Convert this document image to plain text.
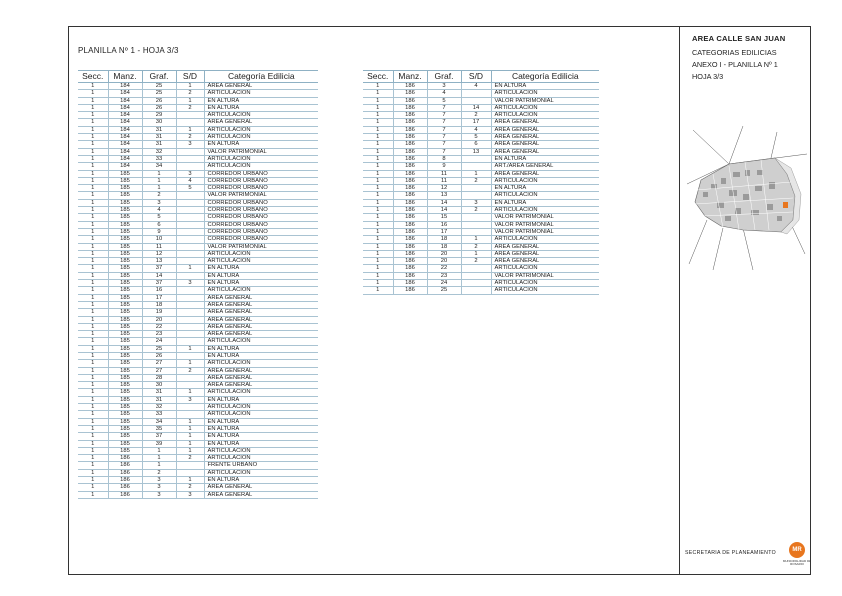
PLANILLA Nº 1 - HOJA 3/3
Secc.	Manz.	Graf.	S/D	Categoría Edilicia
1	184	25	1	AREA GENERAL
1	184	25	2	ARTICULACION
1	184	26	1	EN ALTURA
1	184	26	2	EN ALTURA
1	184	29		ARTICULACION
1	184	30		AREA GENERAL
1	184	31	1	ARTICULACION
1	184	31	2	ARTICULACION
1	184	31	3	EN ALTURA
1	184	32		VALOR PATRIMONIAL
1	184	33		ARTICULACION
1	184	34		ARTICULACION
1	185	1	3	CORREDOR URBANO
1	185	1	4	CORREDOR URBANO
1	185	1	5	CORREDOR URBANO
1	185	2		VALOR PATRIMONIAL
1	185	3		CORREDOR URBANO
1	185	4		CORREDOR URBANO
1	185	5		CORREDOR URBANO
1	185	6		CORREDOR URBANO
1	185	9		CORREDOR URBANO
1	185	10		CORREDOR URBANO
1	185	11		VALOR PATRIMONIAL
1	185	12		ARTICULACION
1	185	13		ARTICULACION
1	185	37	1	EN ALTURA
1	185	14		EN ALTURA
1	185	37	3	EN ALTURA
1	185	16		ARTICULACION
1	185	17		AREA GENERAL
1	185	18		AREA GENERAL
1	185	19		AREA GENERAL
1	185	20		AREA GENERAL
1	185	22		AREA GENERAL
1	185	23		AREA GENERAL
1	185	24		ARTICULACION
1	185	25	1	EN ALTURA
1	185	26		EN ALTURA
1	185	27	1	ARTICULACION
1	185	27	2	AREA GENERAL
1	185	28		AREA GENERAL
1	185	30		AREA GENERAL
1	185	31	1	ARTICULACION
1	185	31	3	EN ALTURA
1	185	32		ARTICULACION
1	185	33		ARTICULACION
1	185	34	1	EN ALTURA
1	185	35	1	EN ALTURA
1	185	37	1	EN ALTURA
1	185	39	1	EN ALTURA
1	185	1	1	ARTICULACION
1	186	1	2	ARTICULACION
1	186	1		FRENTE URBANO
1	186	2		ARTICULACION
1	186	3	1	EN ALTURA
1	186	3	2	AREA GENERAL
1	186	3	3	AREA GENERAL
Secc.	Manz.	Graf.	S/D	Categoría Edilicia
1	186	3	4	EN ALTURA
1	186	4		ARTICULACION
1	186	5		VALOR PATRIMONIAL
1	186	7	14	ARTICULACION
1	186	7	2	ARTICULACION
1	186	7	17	AREA GENERAL
1	186	7	4	AREA GENERAL
1	186	7	5	AREA GENERAL
1	186	7	6	AREA GENERAL
1	186	7	13	AREA GENERAL
1	186	8		EN ALTURA
1	186	9		ART./AREA GENERAL
1	186	11	1	AREA GENERAL
1	186	11	2	ARTICULACION
1	186	12		EN ALTURA
1	186	13		ARTICULACION
1	186	14	3	EN ALTURA
1	186	14	2	ARTICULACION
1	186	15		VALOR PATRIMONIAL
1	186	16		VALOR PATRIMONIAL
1	186	17		VALOR PATRIMONIAL
1	186	18	1	ARTICULACION
1	186	18	2	AREA GENERAL
1	186	20	1	AREA GENERAL
1	186	20	2	AREA GENERAL
1	186	22		ARTICULACION
1	186	23		VALOR PATRIMONIAL
1	186	24		ARTICULACION
1	186	25		ARTICULACION
AREA CALLE SAN JUAN
CATEGORIAS EDILICIAS
ANEXO I - PLANILLA Nº 1
HOJA 3/3
SECRETARIA DE PLANEAMIENTO	MR
MUNICIPALIDAD DE ROSARIO
